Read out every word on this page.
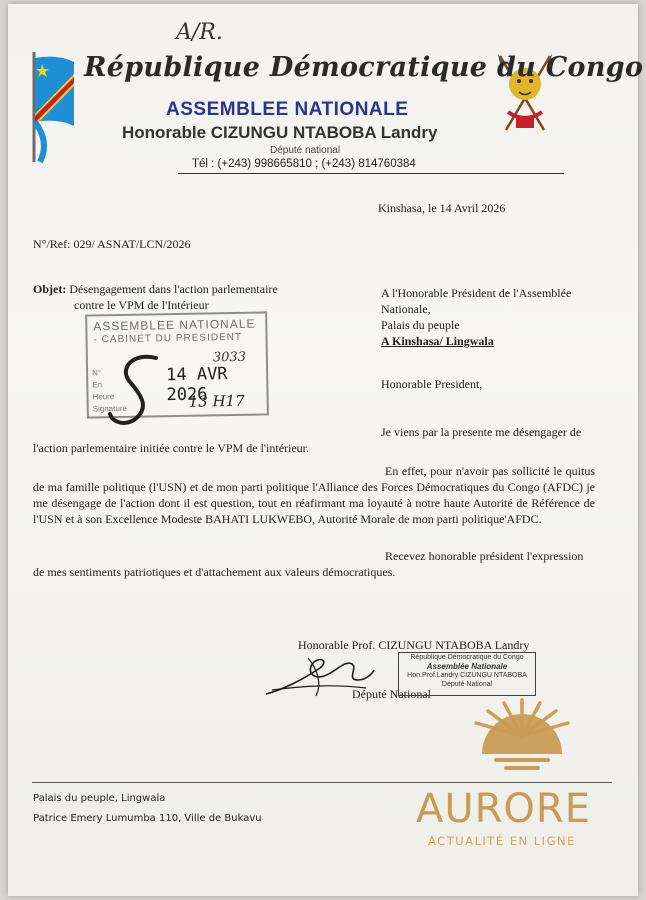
A/R.
République Démocratique du Congo
ASSEMBLEE NATIONALE
Honorable CIZUNGU NTABOBA Landry
Député national
Tél : (+243) 998665810 ; (+243) 814760384
Kinshasa, le 14 Avril 2026
N°/Ref: 029/ ASNAT/LCN/2026
Objet: Désengagement dans l'action parlementaire
contre le VPM de l'Intérieur
A l'Honorable Président de l'Assemblée
Nationale,
Palais du peuple
A Kinshasa/ Lingwala
ASSEMBLEE NATIONALE
- CABINET DU PRESIDENT
N°
En
Heure
Signature
3033
14 AVR 2026
13 H17
Honorable President,
Je viens par la presente me désengager de
l'action parlementaire initiée contre le VPM de l'intérieur.
En effet, pour n'avoir pas sollicité le quitus de ma famille politique (l'USN) et de mon parti politique l'Alliance des Forces Démocratiques du Congo (AFDC) je me désengage de l'action dont il est question, tout en réafirmant ma loyauté à notre haute Autorité de Référence de l'USN et à son Excellence Modeste BAHATI LUKWEBO, Autorité Morale de mon parti politique'AFDC.
Recevez honorable président l'expression de mes sentiments patriotiques et d'attachement aux valeurs démocratiques.
Honorable Prof. CIZUNGU NTABOBA Landry
Député National
République Démocratique du Congo
Assemblée Nationale
Hon.Prof.Landry CIZUNGU NTABOBA
Député National
Palais du peuple, Lingwala
Patrice Emery Lumumba 110, Ville de Bukavu	AURORE
ACTUALITÉ EN LIGNE
